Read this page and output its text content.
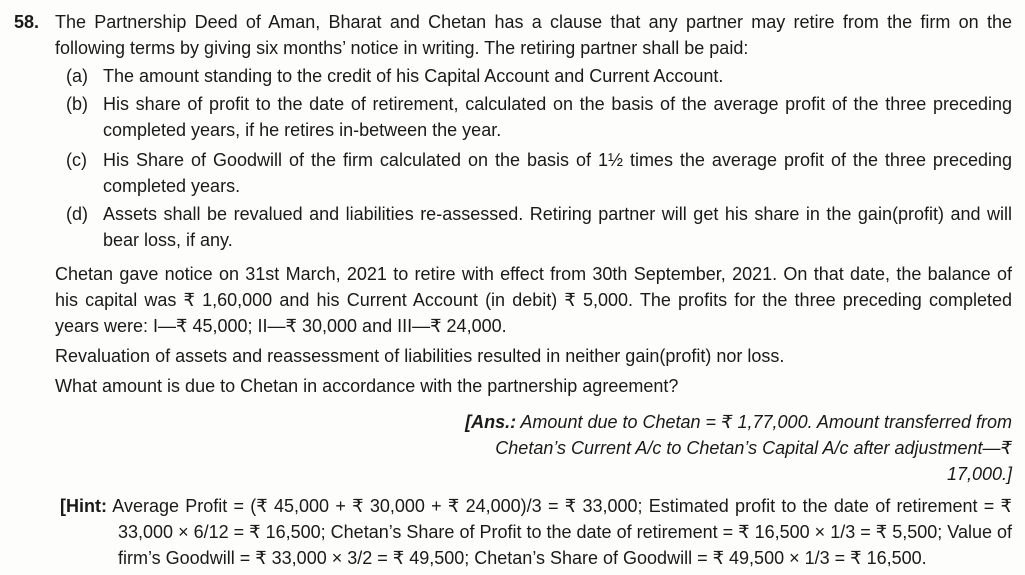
58. The Partnership Deed of Aman, Bharat and Chetan has a clause that any partner may retire from the firm on the following terms by giving six months’ notice in writing. The retiring partner shall be paid:

(a) The amount standing to the credit of his Capital Account and Current Account.
(b) His share of profit to the date of retirement, calculated on the basis of the average profit of the three preceding completed years, if he retires in-between the year.
(c) His Share of Goodwill of the firm calculated on the basis of 1½ times the average profit of the three preceding completed years.
(d) Assets shall be revalued and liabilities re-assessed. Retiring partner will get his share in the gain(profit) and will bear loss, if any.

Chetan gave notice on 31st March, 2021 to retire with effect from 30th September, 2021. On that date, the balance of his capital was ₹ 1,60,000 and his Current Account (in debit) ₹ 5,000. The profits for the three preceding completed years were: I—₹ 45,000; II—₹ 30,000 and III—₹ 24,000.

Revaluation of assets and reassessment of liabilities resulted in neither gain(profit) nor loss.

What amount is due to Chetan in accordance with the partnership agreement?

[Ans.: Amount due to Chetan = ₹ 1,77,000. Amount transferred from Chetan’s Current A/c to Chetan’s Capital A/c after adjustment—₹ 17,000.]
[Hint: Average Profit = (₹ 45,000 + ₹ 30,000 + ₹ 24,000)/3 = ₹ 33,000; Estimated profit to the date of retirement = ₹ 33,000 × 6/12 = ₹ 16,500; Chetan’s Share of Profit to the date of retirement = ₹ 16,500 × 1/3 = ₹ 5,500; Value of firm’s Goodwill = ₹ 33,000 × 3/2 = ₹ 49,500; Chetan’s Share of Goodwill = ₹ 49,500 × 1/3 = ₹ 16,500.
